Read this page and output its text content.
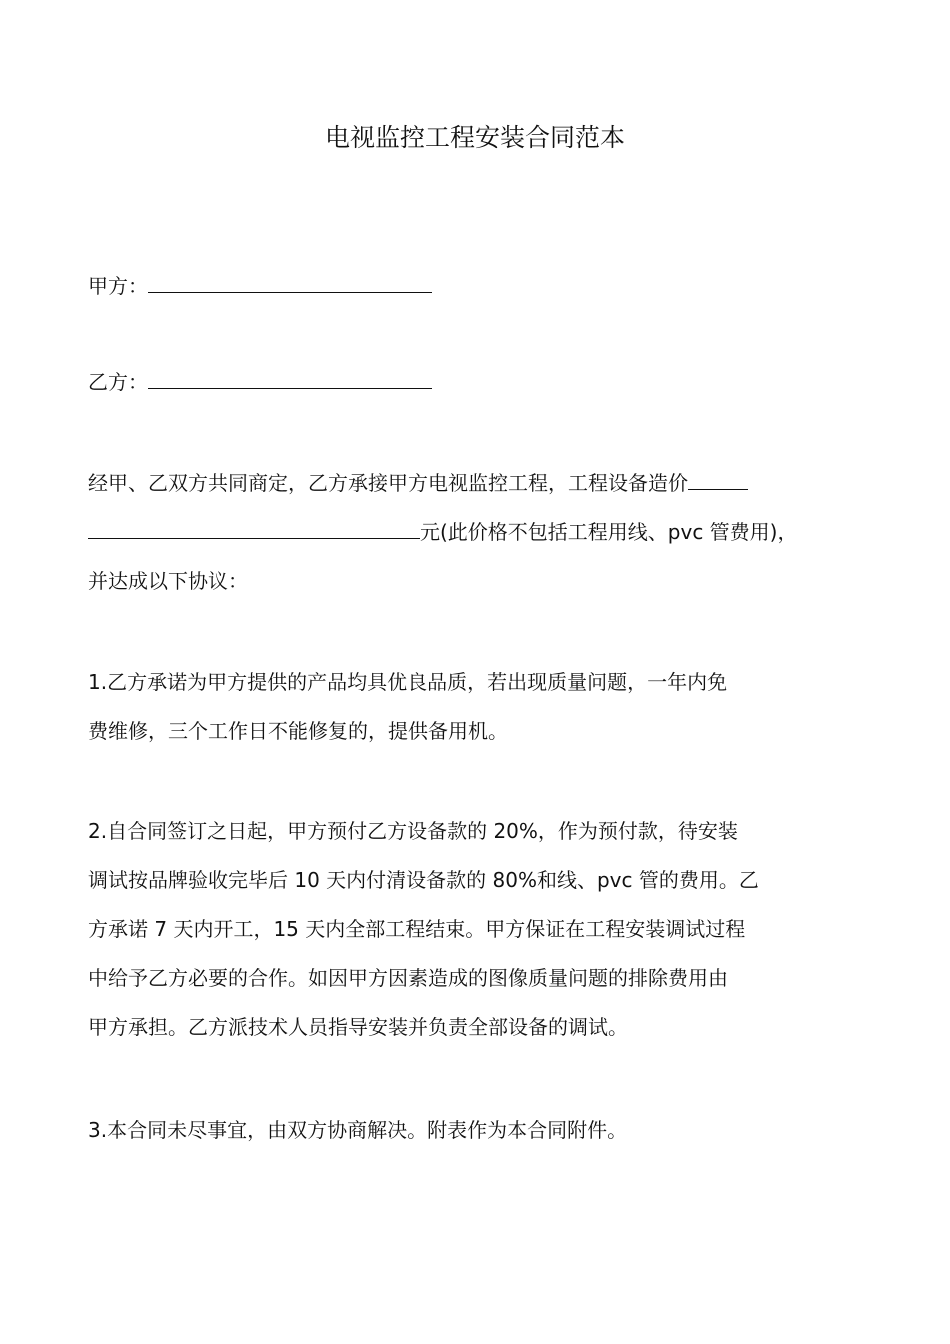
电视监控工程安装合同范本
甲方：
乙方：
经甲、乙双方共同商定，乙方承接甲方电视监控工程，工程设备造价
元(此价格不包括工程用线、pvc 管费用)，
并达成以下协议：
1.乙方承诺为甲方提供的产品均具优良品质，若出现质量问题，一年内免
费维修，三个工作日不能修复的，提供备用机。
2.自合同签订之日起，甲方预付乙方设备款的 20%，作为预付款，待安装
调试按品牌验收完毕后 10 天内付清设备款的 80%和线、pvc 管的费用。乙
方承诺 7 天内开工，15 天内全部工程结束。甲方保证在工程安装调试过程
中给予乙方必要的合作。如因甲方因素造成的图像质量问题的排除费用由
甲方承担。乙方派技术人员指导安装并负责全部设备的调试。
3.本合同未尽事宜，由双方协商解决。附表作为本合同附件。
